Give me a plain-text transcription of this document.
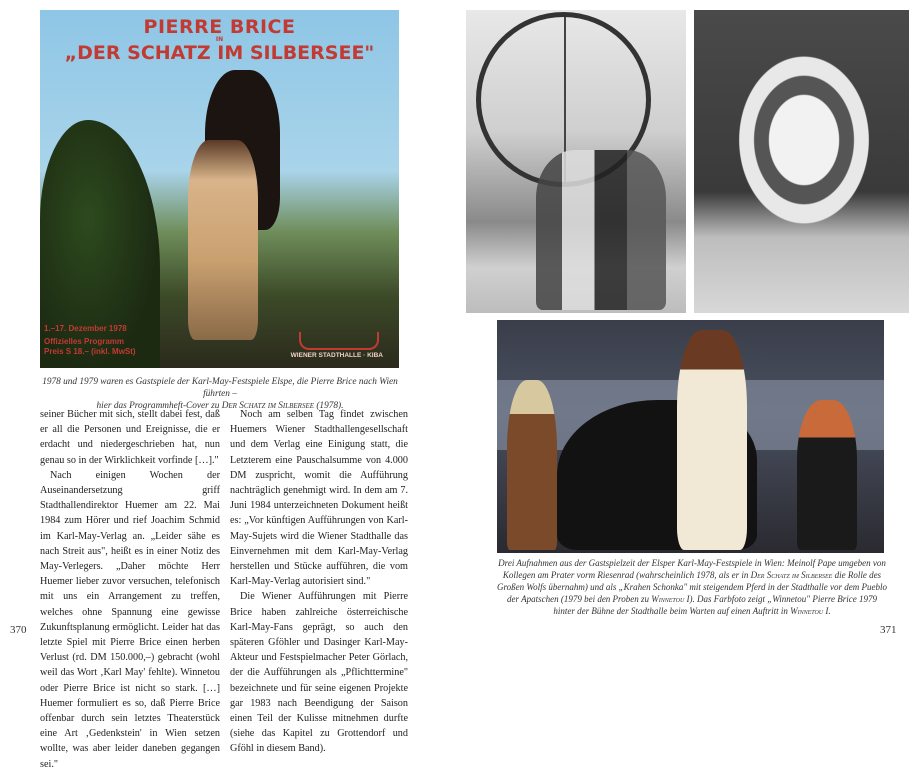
PIERRE BRICE
IN
„DER SCHATZ IM SILBERSEE"
1.–17. Dezember 1978
Offizielles Programm
Preis S 18.– (inkl. MwSt)	WIENER STADTHALLE · KIBA
1978 und 1979 waren es Gastspiele der Karl-May-Festspiele Elspe, die Pierre Brice nach Wien führten –
hier das Programmheft-Cover zu Der Schatz im Silbersee (1978).

seiner Bücher mit sich, stellt dabei fest, daß er all die Personen und Ereignisse, die er erdacht und niedergeschrieben hat, nun genau so in der Wirklichkeit vorfinde […]."

Nach einigen Wochen der Auseinandersetzung griff Stadthallendirektor Huemer am 22. Mai 1984 zum Hörer und rief Joachim Schmid im Karl-May-Verlag an. „Leider sähe es nach Streit aus", heißt es in einer Notiz des May-Verlegers. „Daher möchte Herr Huemer lieber zuvor versuchen, telefonisch mit uns ein Arrangement zu treffen, welches ohne Spannung eine gewisse Zukunftsplanung ermöglicht. Leider hat das letzte Spiel mit Pierre Brice einen herben Verlust (rd. DM 150.000,–) gebracht (wohl weil das Wort ‚Karl May' fehlte). Winnetou oder Pierre Brice ist nicht so stark. […] Huemer formuliert es so, daß Pierre Brice offenbar durch sein letztes Theaterstück eine Art ‚Gedenkstein' in Wien setzen wollte, was aber leider daneben gegangen sei."

Noch am selben Tag findet zwischen Huemers Wiener Stadthallengesellschaft und dem Verlag eine Einigung statt, die Letzterem eine Pauschalsumme von 4.000 DM zuspricht, womit die Aufführung nachträglich genehmigt wird. In dem am 7. Juni 1984 unterzeichneten Dokument heißt es: „Vor künftigen Aufführungen von Karl-May-Sujets wird die Wiener Stadthalle das Einvernehmen mit dem Karl-May-Verlag herstellen und Stücke aufführen, die vom Karl-May-Verlag autorisiert sind."

Die Wiener Aufführungen mit Pierre Brice haben zahlreiche österreichische Karl-May-Fans geprägt, so auch den späteren Gföhler und Dasinger Karl-May-Akteur und Festspielmacher Peter Görlach, der die Aufführungen als „Pflichttermine" bezeichnete und für seine eigenen Projekte gar 1983 nach Beendigung der Saison einen Teil der Kulisse mitnehmen durfte (siehe das Kapitel zu Grottendorf und Gföhl in diesem Band).

370
Drei Aufnahmen aus der Gastspielzeit der Elsper Karl-May-Festspiele in Wien: Meinolf Pape umgeben von Kollegen am Prater vorm Riesenrad (wahrscheinlich 1978, als er in Der Schatz im Silbersee die Rolle des Großen Wolfs übernahm) und als „Krahen Schonka" mit steigendem Pferd in der Stadthalle vor dem Pueblo der Apatschen (1979 bei den Proben zu Winnetou I). Das Farbfoto zeigt „Winnetou" Pierre Brice 1979 hinter der Bühne der Stadthalle beim Warten auf einen Auftritt in Winnetou I.
371
